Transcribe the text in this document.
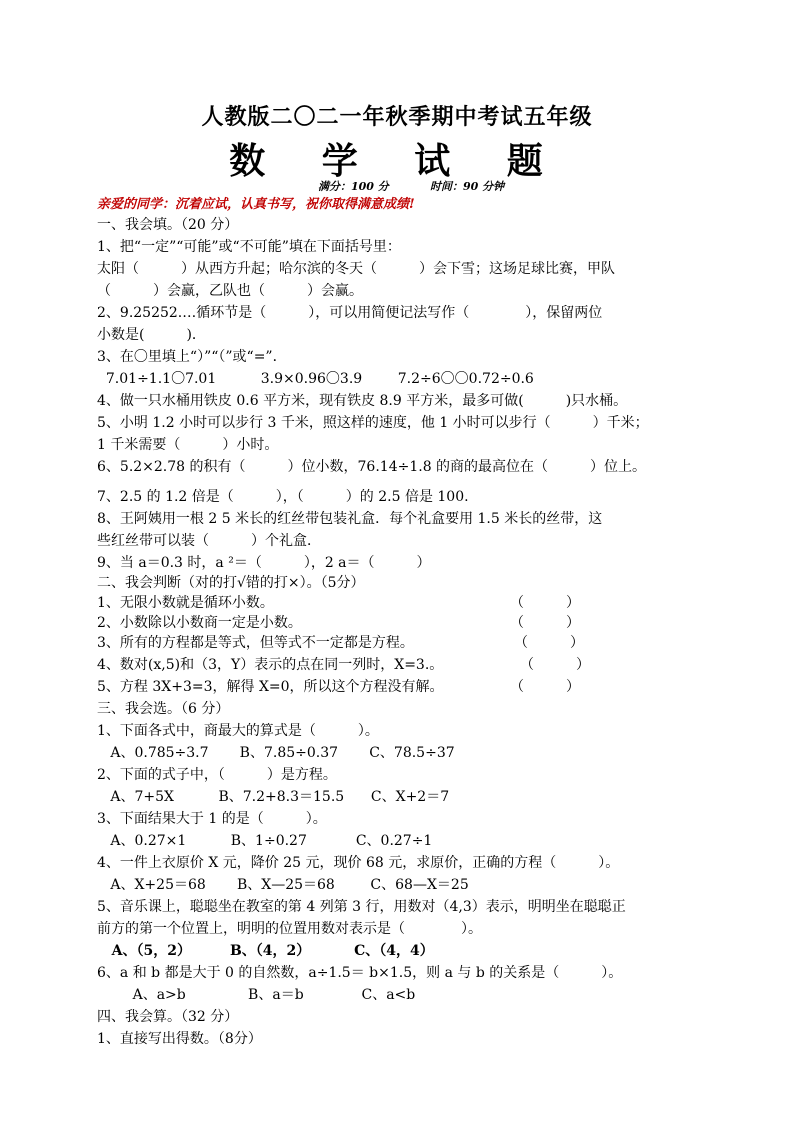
人教版二〇二一年秋季期中考试五年级
数 学 试 题
满分：100 分	时间：90 分钟
亲爱的同学：沉着应试，认真书写，祝你取得满意成绩!
一、我会填。（20 分）
1、把“一定”“可能”或“不可能”填在下面括号里：
太阳（　　　）从西方升起；哈尔滨的冬天（　　　）会下雪；这场足球比赛，甲队
（　　　）会赢，乙队也（　　　）会赢。
2、9.25252.…循环节是（　　　），可以用简便记法写作（　　　　），保留两位
小数是(　　　)．
3、在〇里填上“）”“（”或“=”．
7.01÷1.1〇7.01          3.9×0.96〇3.9        7.2÷6〇〇0.72÷0.6
4、做一只水桶用铁皮 0.6 平方米，现有铁皮 8.9 平方米，最多可做(　　　)只水桶。
5、小明 1.2 小时可以步行 3 千米，照这样的速度，他 1 小时可以步行（　　　）千米；
1 千米需要（　　　）小时。
6、5.2×2.78 的积有（　　　）位小数，76.14÷1.8 的商的最高位在（　　　）位上。
7、2.5 的 1.2 倍是（　　　），（　　　）的 2.5 倍是 100.
8、王阿姨用一根 2 5 米长的红丝带包装礼盒．每个礼盒要用 1.5 米长的丝带，这
些红丝带可以装（　　　）个礼盒．
9、当 a＝0.3 时，a ²＝（　　　），2 a＝（　　　）
二、我会判断（对的打√错的打×）。（5分）
1、无限小数就是循环小数。	（　　　）
2、小数除以小数商一定是小数。	（　　　）
3、所有的方程都是等式，但等式不一定都是方程。	（　　　）
4、数对(x,5)和（3，Y）表示的点在同一列时，X=3.。	（　　　）
5、方程 3X+3=3，解得 X=0，所以这个方程没有解。	（　　　）
三、我会选。（6 分）
1、下面各式中，商最大的算式是（　　　）。
A、0.785÷3.7       B、7.85÷0.37       C、78.5÷37
2、下面的式子中，（　　　）是方程。
A、7+5X          B、7.2+8.3＝15.5      C、X+2＝7
3、下面结果大于 1 的是（　　　）。
A、0.27×1          B、1÷0.27           C、0.27÷1
4、一件上衣原价 X 元，降价 25 元，现价 68 元，求原价，正确的方程（　　　）。
A、X+25＝68       B、X—25＝68        C、68—X＝25
5、音乐课上，聪聪坐在教室的第 4 列第 3 行，用数对（4,3）表示，明明坐在聪聪正
前方的第一个位置上，明明的位置用数对表示是（　　　　）。
A、（5，2）        B、（4，2）         C、（4，4）
6、a 和 b 都是大于 0 的自然数，a÷1.5＝ b×1.5，则 a 与 b 的关系是（　　　）。
A、a>b              B、a＝b             C、a<b
四、我会算。（32 分）
1、直接写出得数。（8分）
